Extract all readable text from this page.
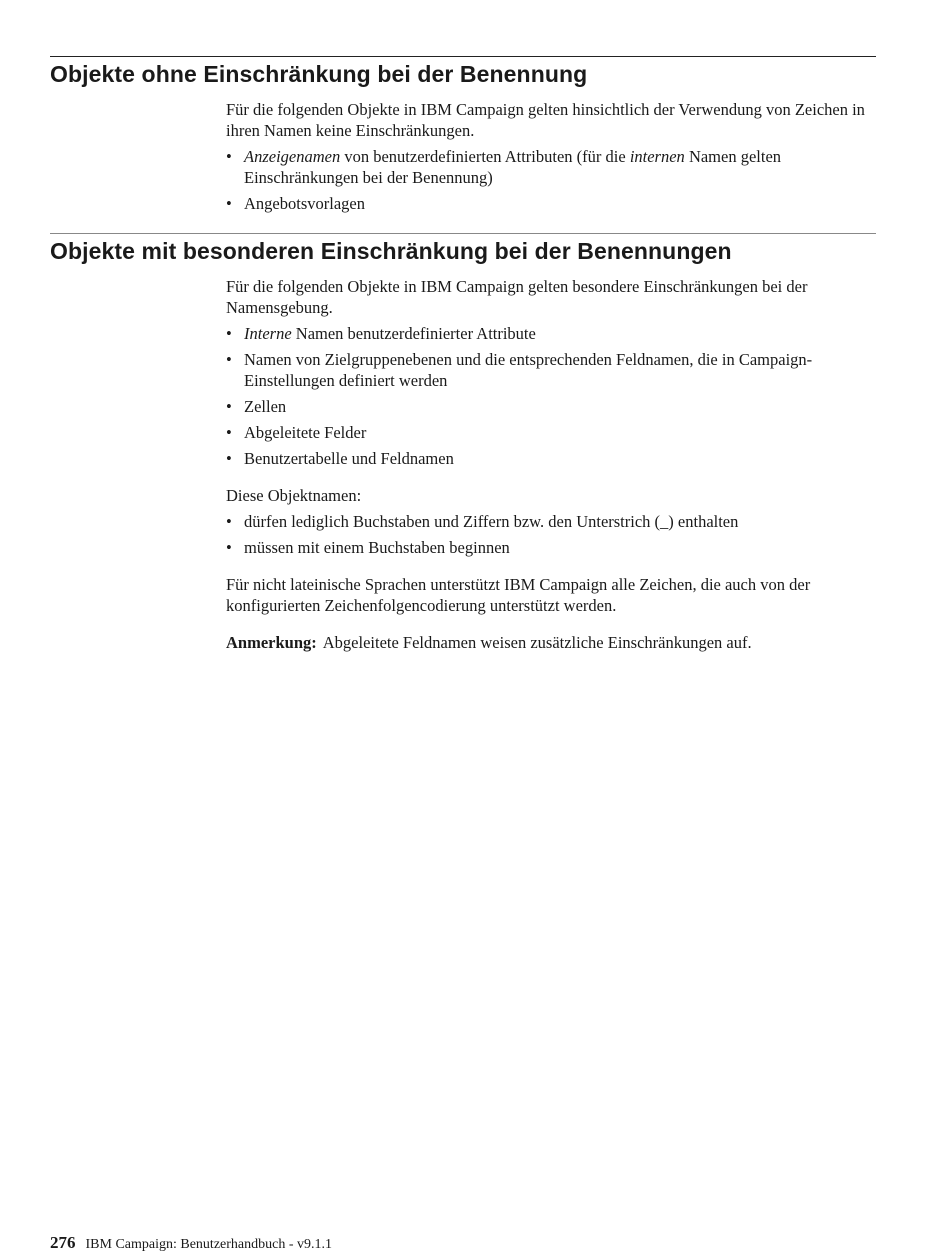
Objekte ohne Einschränkung bei der Benennung

Für die folgenden Objekte in IBM Campaign gelten hinsichtlich der Verwendung von Zeichen in ihren Namen keine Einschränkungen.

• Anzeigenamen von benutzerdefinierten Attributen (für die internen Namen gelten Einschränkungen bei der Benennung)
• Angebotsvorlagen
Objekte mit besonderen Einschränkung bei der Benennungen

Für die folgenden Objekte in IBM Campaign gelten besondere Einschränkungen bei der Namensgebung.

• Interne Namen benutzerdefinierter Attribute
• Namen von Zielgruppenebenen und die entsprechenden Feldnamen, die in Campaign-Einstellungen definiert werden
• Zellen
• Abgeleitete Felder
• Benutzertabelle und Feldnamen

Diese Objektnamen:

• dürfen lediglich Buchstaben und Ziffern bzw. den Unterstrich (_) enthalten
• müssen mit einem Buchstaben beginnen

Für nicht lateinische Sprachen unterstützt IBM Campaign alle Zeichen, die auch von der konfigurierten Zeichenfolgencodierung unterstützt werden.

Anmerkung: Abgeleitete Feldnamen weisen zusätzliche Einschränkungen auf.

276 IBM Campaign: Benutzerhandbuch - v9.1.1
